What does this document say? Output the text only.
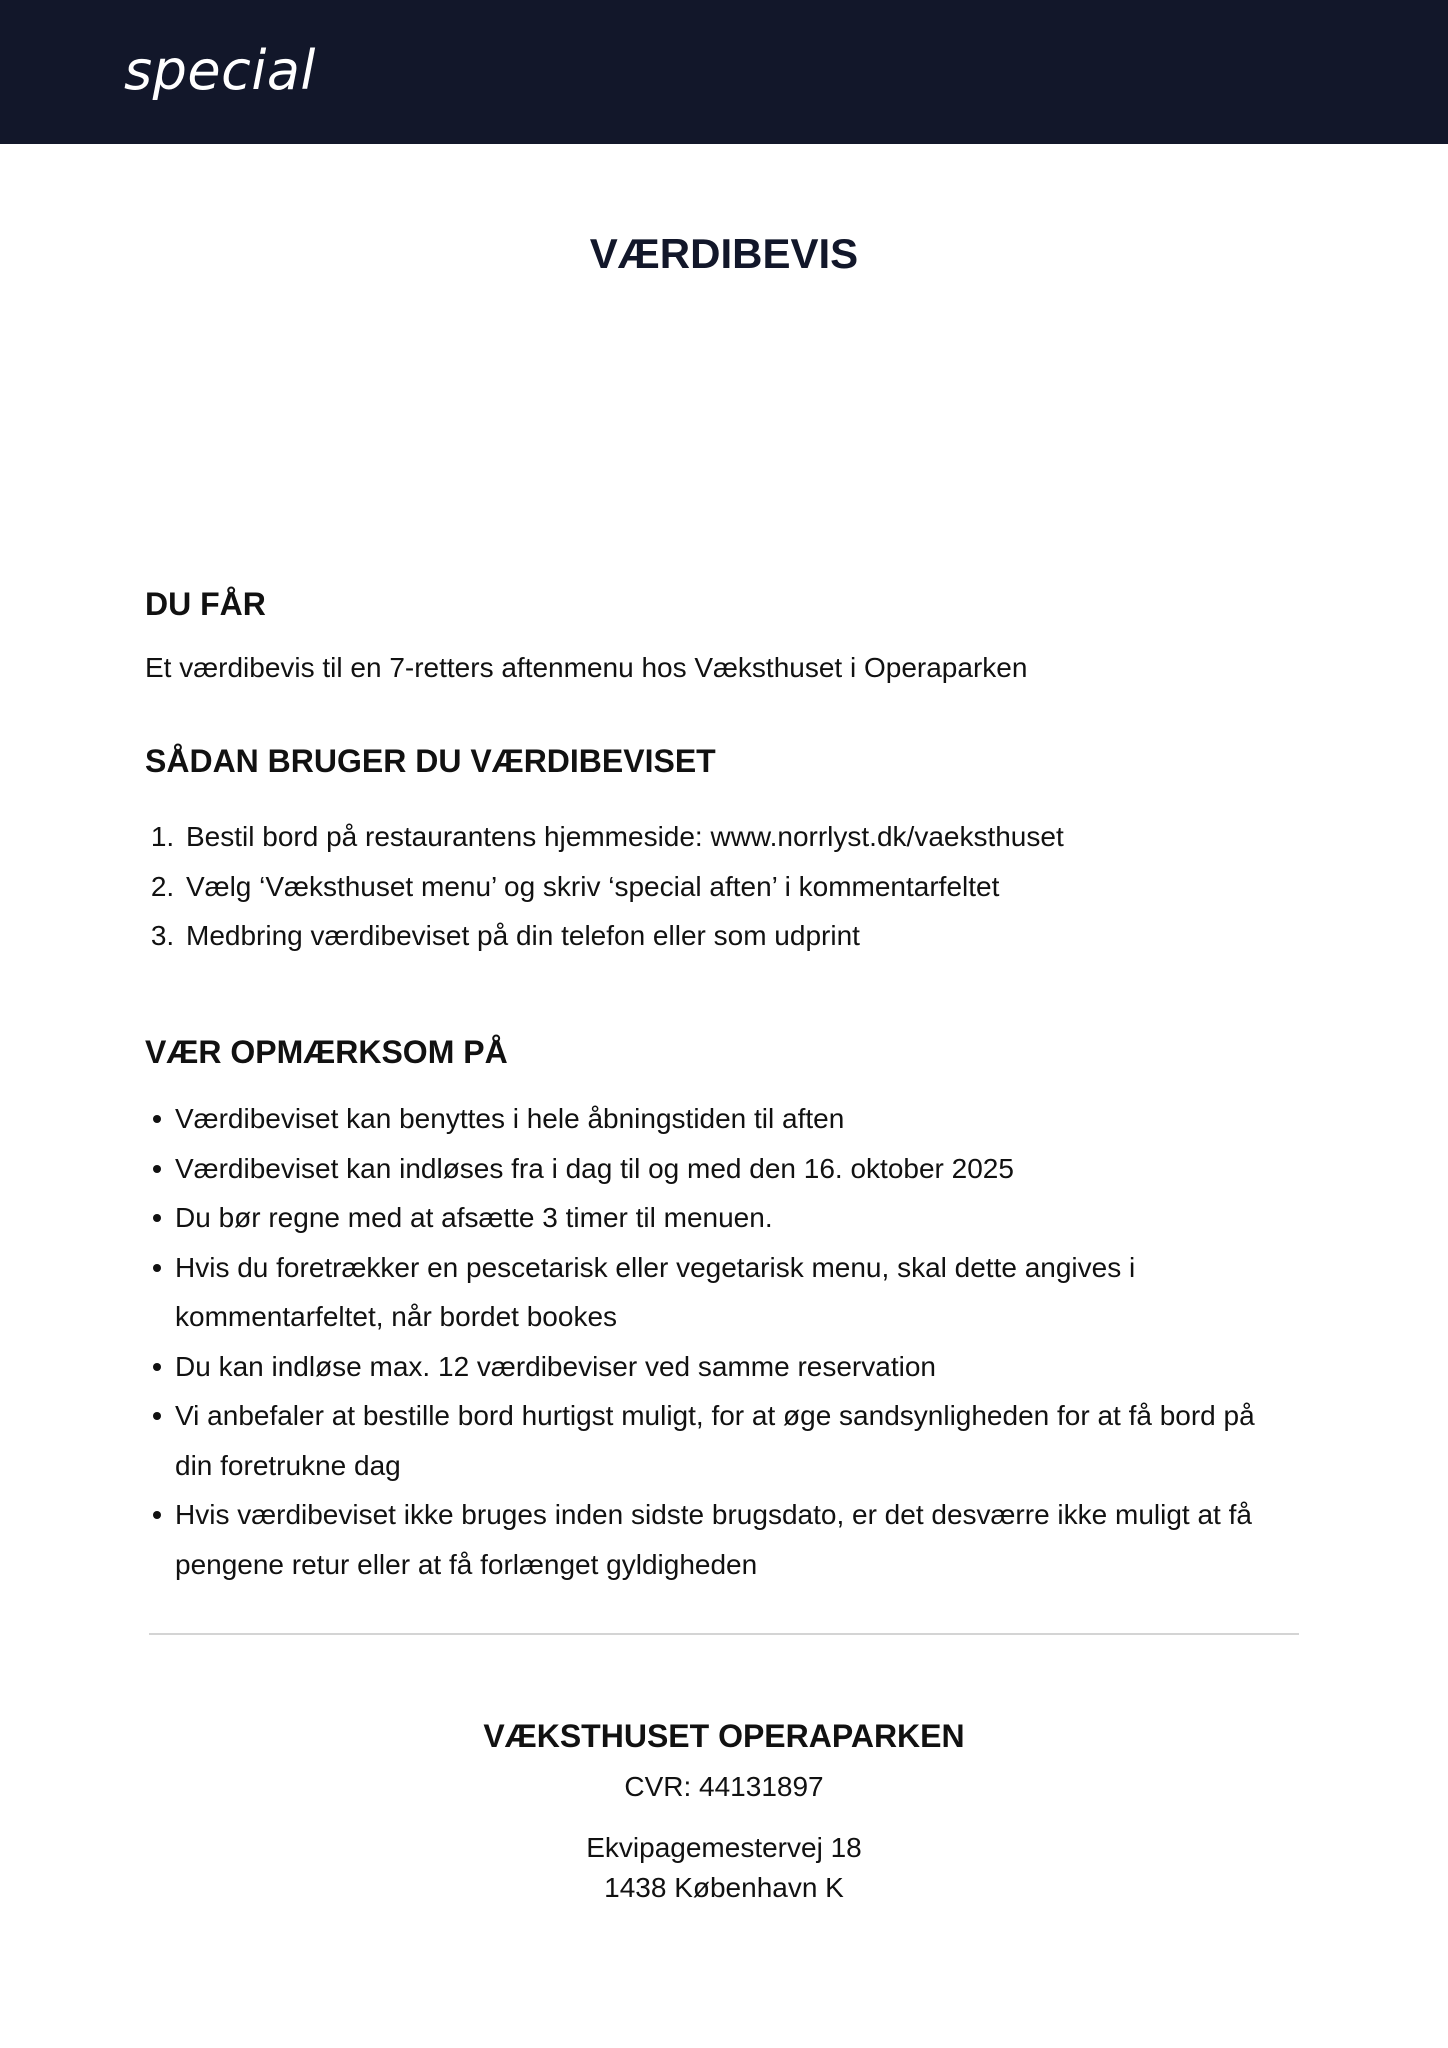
special
VÆRDIBEVIS
DU FÅR
Et værdibevis til en 7-retters aftenmenu hos Væksthuset i Operaparken
SÅDAN BRUGER DU VÆRDIBEVISET
1. Bestil bord på restaurantens hjemmeside: www.norrlyst.dk/vaeksthuset
2. Vælg ‘Væksthuset menu’ og skriv ‘special aften’ i kommentarfeltet
3. Medbring værdibeviset på din telefon eller som udprint
VÆR OPMÆRKSOM PÅ
Værdibeviset kan benyttes i hele åbningstiden til aften
Værdibeviset kan indløses fra i dag til og med den 16. oktober 2025
Du bør regne med at afsætte 3 timer til menuen.
Hvis du foretrækker en pescetarisk eller vegetarisk menu, skal dette angives i kommentarfeltet, når bordet bookes
Du kan indløse max. 12 værdibeviser ved samme reservation
Vi anbefaler at bestille bord hurtigst muligt, for at øge sandsynligheden for at få bord på din foretrukne dag
Hvis værdibeviset ikke bruges inden sidste brugsdato, er det desværre ikke muligt at få pengene retur eller at få forlænget gyldigheden
VÆKSTHUSET OPERAPARKEN
CVR: 44131897
Ekvipagemestervej 18
1438 København K
